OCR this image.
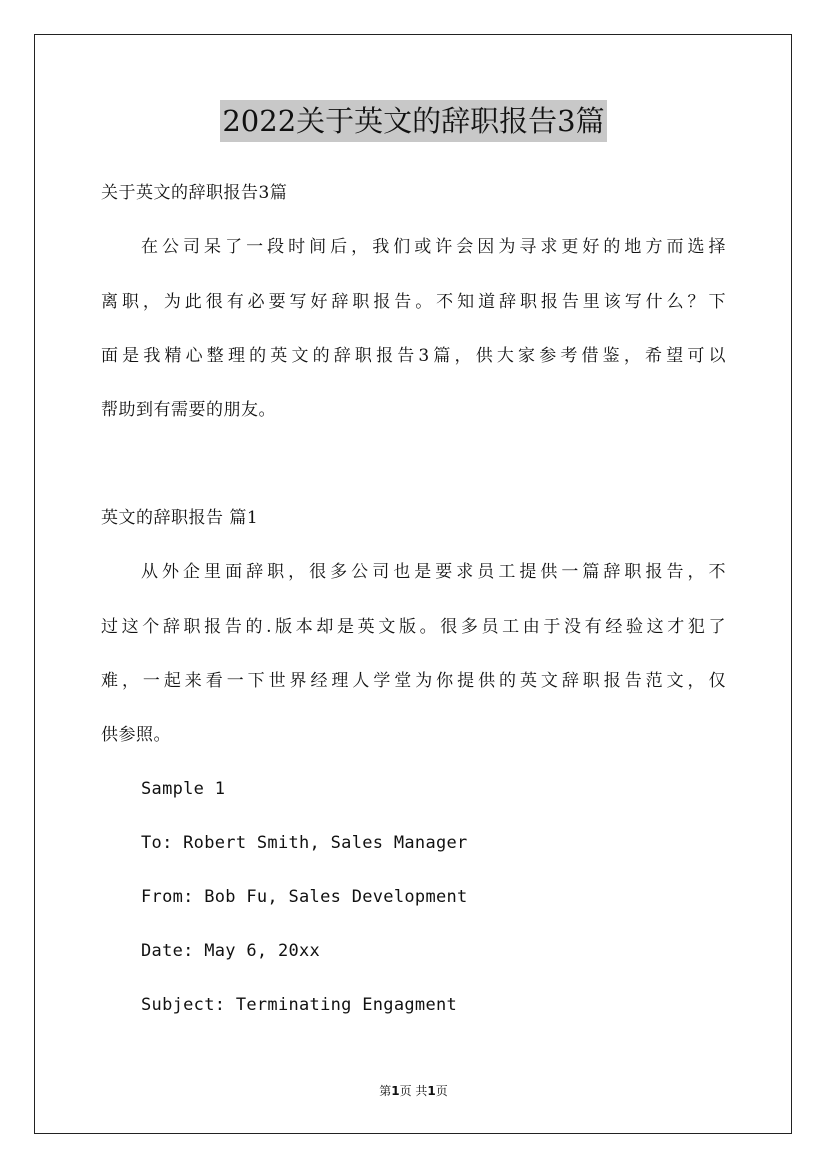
2022关于英文的辞职报告3篇
关于英文的辞职报告3篇
在公司呆了一段时间后，我们或许会因为寻求更好的地方而选择
离职，为此很有必要写好辞职报告。不知道辞职报告里该写什么？下
面是我精心整理的英文的辞职报告3篇，供大家参考借鉴，希望可以
帮助到有需要的朋友。
英文的辞职报告 篇1
从外企里面辞职，很多公司也是要求员工提供一篇辞职报告，不
过这个辞职报告的.版本却是英文版。很多员工由于没有经验这才犯了
难，一起来看一下世界经理人学堂为你提供的英文辞职报告范文，仅
供参照。
Sample 1
To: Robert Smith, Sales Manager
From: Bob Fu, Sales Development
Date: May 6, 20xx
Subject: Terminating Engagment
第1页 共1页
